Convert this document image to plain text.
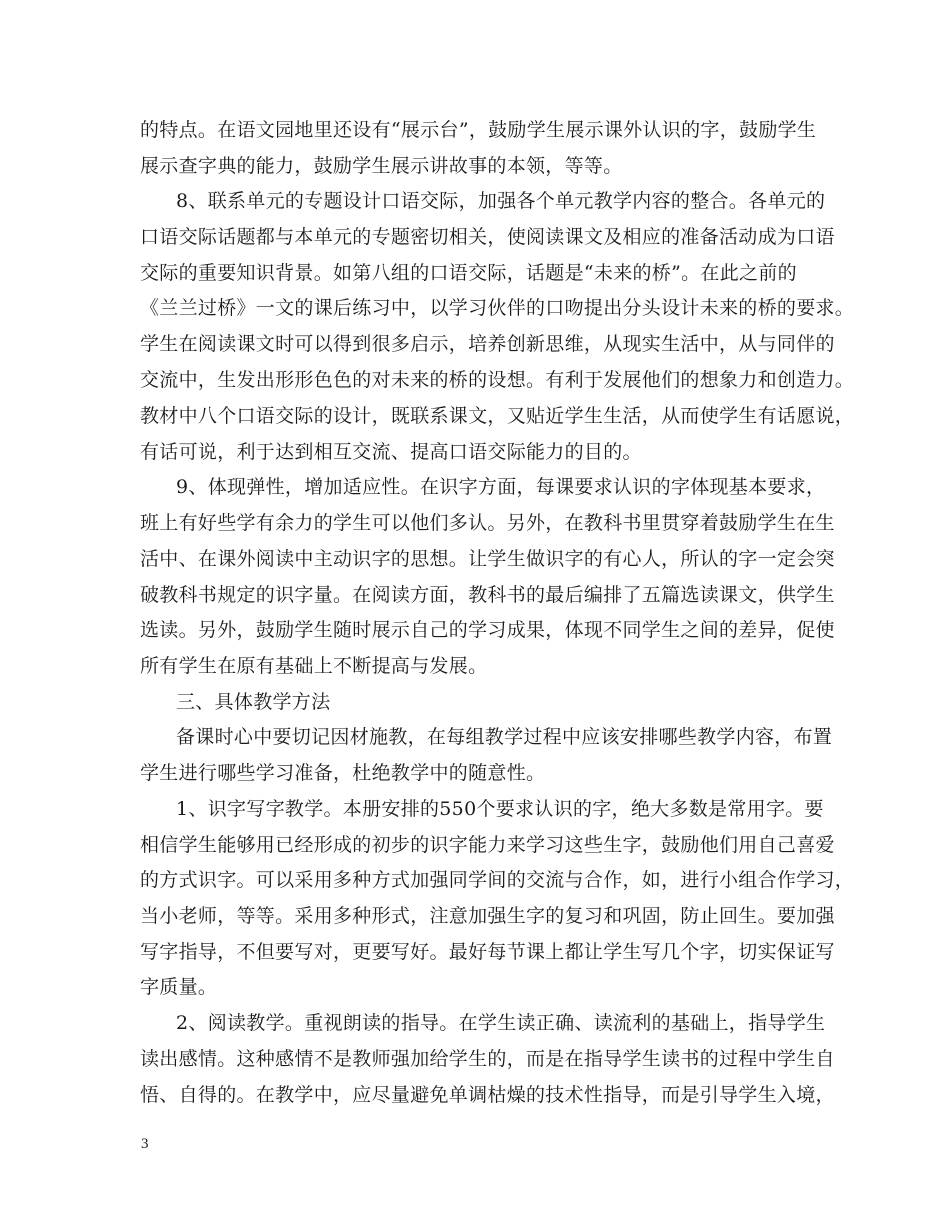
的特点。在语文园地里还设有“展示台”，鼓励学生展示课外认识的字，鼓励学生
展示查字典的能力，鼓励学生展示讲故事的本领，等等。
8、联系单元的专题设计口语交际，加强各个单元教学内容的整合。各单元的
口语交际话题都与本单元的专题密切相关，使阅读课文及相应的准备活动成为口语
交际的重要知识背景。如第八组的口语交际，话题是“未来的桥”。在此之前的
《兰兰过桥》一文的课后练习中，以学习伙伴的口吻提出分头设计未来的桥的要求。
学生在阅读课文时可以得到很多启示，培养创新思维，从现实生活中，从与同伴的
交流中，生发出形形色色的对未来的桥的设想。有利于发展他们的想象力和创造力。
教材中八个口语交际的设计，既联系课文，又贴近学生生活，从而使学生有话愿说，
有话可说，利于达到相互交流、提高口语交际能力的目的。
9、体现弹性，增加适应性。在识字方面，每课要求认识的字体现基本要求，
班上有好些学有余力的学生可以他们多认。另外，在教科书里贯穿着鼓励学生在生
活中、在课外阅读中主动识字的思想。让学生做识字的有心人，所认的字一定会突
破教科书规定的识字量。在阅读方面，教科书的最后编排了五篇选读课文，供学生
选读。另外，鼓励学生随时展示自己的学习成果，体现不同学生之间的差异，促使
所有学生在原有基础上不断提高与发展。
三、具体教学方法
备课时心中要切记因材施教，在每组教学过程中应该安排哪些教学内容，布置
学生进行哪些学习准备，杜绝教学中的随意性。
1、识字写字教学。本册安排的550个要求认识的字，绝大多数是常用字。要
相信学生能够用已经形成的初步的识字能力来学习这些生字，鼓励他们用自己喜爱
的方式识字。可以采用多种方式加强同学间的交流与合作，如，进行小组合作学习，
当小老师，等等。采用多种形式，注意加强生字的复习和巩固，防止回生。要加强
写字指导，不但要写对，更要写好。最好每节课上都让学生写几个字，切实保证写
字质量。
2、阅读教学。重视朗读的指导。在学生读正确、读流利的基础上，指导学生
读出感情。这种感情不是教师强加给学生的，而是在指导学生读书的过程中学生自
悟、自得的。在教学中，应尽量避免单调枯燥的技术性指导，而是引导学生入境，
3
